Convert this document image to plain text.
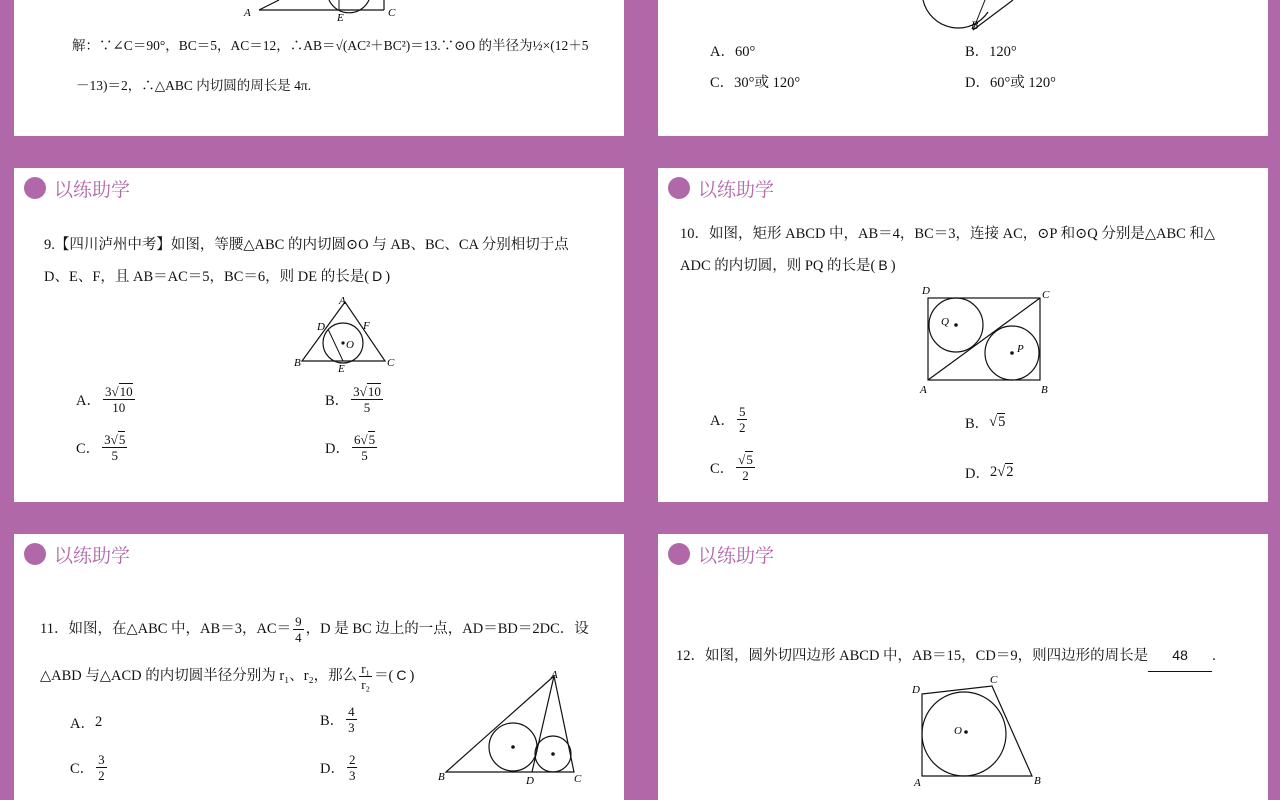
A	E	C
解：∵∠C＝90°，BC＝5，AC＝12，∴AB＝√(AC²＋BC²)＝13.∵⊙O 的半径为½×(12＋5
－13)＝2，∴△ABC 内切圆的周长是 4π.
B
A．60°	B．120°
C．30°或 120°	D．60°或 120°
以练助学
9.【四川泸州中考】如图，等腰△ABC 的内切圆⊙O 与 AB、BC、CA 分别相切于点
D、E、F，且 AB＝AC＝5，BC＝6，则 DE 的长是( D )
A
B	C
D
E
F
O
A． $\frac{3√10}{10}$	B． $\frac{3√10}{5}$
C． $\frac{3√5}{5}$	D． $\frac{6√5}{5}$
以练助学
10．如图，矩形 ABCD 中，AB＝4，BC＝3，连接 AC，⊙P 和⊙Q 分别是△ABC 和△
ADC 的内切圆，则 PQ 的长是( B )
D	C
A	B
Q
P
A． $\frac{5}{2}$	B． √5
C． $\frac{√5}{2}$	D． 2 √2
以练助学
11．如图，在△ABC 中，AB＝3，$AC= \frac{9}{4}$ ，D 是 BC 边上的一点，AD＝BD＝2DC．设
△ABD 与△ACD 的内切圆半径分别为 r₁、r₂，那么 $\frac{\text{r₁}}{\text{r₂}}$ ＝( C )	A
B	C
D
A． 2	B． $\frac{4}{3}$
C． $\frac{3}{2}$	D． $\frac{2}{3}$
以练助学
12．如图，圆外切四边形 ABCD 中，AB＝15，CD＝9，则四边形的周长是 48 .
D
C
A	B
O
